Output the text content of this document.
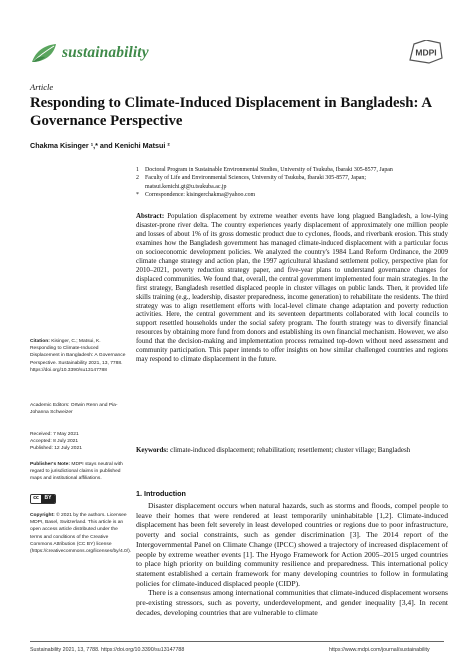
sustainability	MDPI
Article
Responding to Climate-Induced Displacement in Bangladesh: A Governance Perspective
Chakma Kisinger ¹,* and Kenichi Matsui ²
1	Doctoral Program in Sustainable Environmental Studies, University of Tsukuba, Ibaraki 305-8577, Japan
2	Faculty of Life and Environmental Sciences, University of Tsukuba, Ibaraki 305-8577, Japan; matsui.kenichi.gt@u.tsukuba.ac.jp
*	Correspondence: kisingerchakma@yahoo.com
Abstract: Population displacement by extreme weather events have long plagued Bangladesh, a low-lying disaster-prone river delta. The country experiences yearly displacement of approximately one million people and losses of about 1% of its gross domestic product due to cyclones, floods, and riverbank erosion. This study examines how the Bangladesh government has managed climate-induced displacement with a particular focus on socioeconomic development policies. We analyzed the country's 1984 Land Reform Ordinance, the 2009 climate change strategy and action plan, the 1997 agricultural khasland settlement policy, perspective plan for 2010–2021, poverty reduction strategy paper, and five-year plans to understand governance changes for displaced communities. We found that, overall, the central government implemented four main strategies. In the first strategy, Bangladesh resettled displaced people in cluster villages on public lands. Then, it provided life skills training (e.g., leadership, disaster preparedness, income generation) to rehabilitate the residents. The third strategy was to align resettlement efforts with local-level climate change adaptation and poverty reduction activities. Here, the central government and its seventeen departments collaborated with local councils to support resettled households under the social safety program. The fourth strategy was to diversify financial resources by obtaining more fund from donors and establishing its own financial mechanism. However, we also found that the decision-making and implementation process remained top-down without need assessment and community participation. This paper intends to offer insights on how similar challenged countries and regions may respond to climate displacement in the future.
Keywords: climate-induced displacement; rehabilitation; resettlement; cluster village; Bangladesh
Citation: Kisinger, C.; Matsui, K. Responding to Climate-Induced Displacement in Bangladesh: A Governance Perspective. Sustainability 2021, 13, 7788. https://doi.org/10.3390/su13147788
Academic Editors: Ortwin Renn and Pia-Johanna Schweizer
Received: 7 May 2021
Accepted: 8 July 2021
Published: 12 July 2021
Publisher's Note: MDPI stays neutral with regard to jurisdictional claims in published maps and institutional affiliations.
cc	BY
Copyright: © 2021 by the authors. Licensee MDPI, Basel, Switzerland. This article is an open access article distributed under the terms and conditions of the Creative Commons Attribution (CC BY) license (https://creativecommons.org/licenses/by/4.0/).
1. Introduction

Disaster displacement occurs when natural hazards, such as storms and floods, compel people to leave their homes that were rendered at least temporarily uninhabitable [1,2]. Climate-induced displacement has been felt severely in least developed countries or regions due to poor infrastructure, poverty and social constraints, such as gender discrimination [3]. The 2014 report of the Intergovernmental Panel on Climate Change (IPCC) showed a trajectory of increased displacement of people by extreme weather events [1]. The Hyogo Framework for Action 2005–2015 urged countries to place high priority on building community resilience and preparedness. This international policy statement established a certain framework for many developing countries to follow in formulating policies for climate-induced displaced people (CIDP).

There is a consensus among international communities that climate-induced displacement worsens pre-existing stressors, such as poverty, underdevelopment, and gender inequality [3,4]. In recent decades, developing countries that are vulnerable to climate

Sustainability 2021, 13, 7788. https://doi.org/10.3390/su13147788	https://www.mdpi.com/journal/sustainability
